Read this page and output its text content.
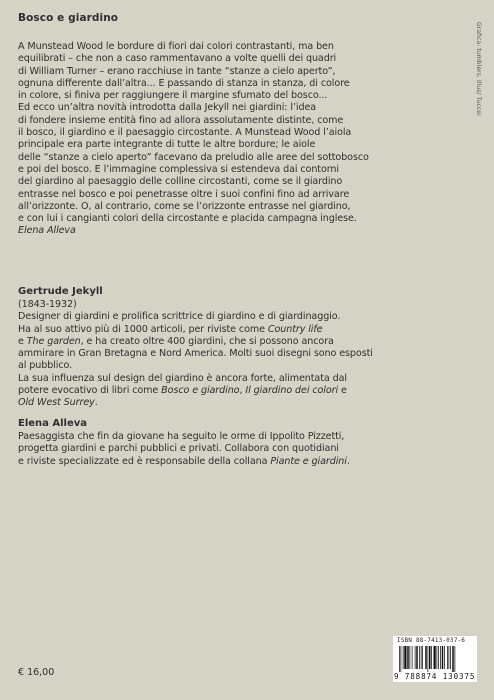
Bosco e giardino
Grafica: tumblers. Illus/ Tuccei
A Munstead Wood le bordure di fiori dai colori contrastanti, ma ben
equilibrati – che non a caso rammentavano a volte quelli dei quadri
di William Turner – erano racchiuse in tante “stanze a cielo aperto”,
ognuna differente dall’altra... E passando di stanza in stanza, di colore
in colore, si finiva per raggiungere il margine sfumato del bosco...
Ed ecco un’altra novità introdotta dalla Jekyll nei giardini: l’idea
di fondere insieme entità fino ad allora assolutamente distinte, come
il bosco, il giardino e il paesaggio circostante. A Munstead Wood l’aiola
principale era parte integrante di tutte le altre bordure; le aiole
delle “stanze a cielo aperto” facevano da preludio alle aree del sottobosco
e poi del bosco. E l’immagine complessiva si estendeva dai contorni
del giardino al paesaggio delle colline circostanti, come se il giardino
entrasse nel bosco e poi penetrasse oltre i suoi confini fino ad arrivare
all’orizzonte. O, al contrario, come se l’orizzonte entrasse nel giardino,
e con lui i cangianti colori della circostante e placida campagna inglese.
Elena Alleva
Gertrude Jekyll
(1843-1932)
Designer di giardini e prolifica scrittrice di giardino e di giardinaggio.
Ha al suo attivo più di 1000 articoli, per riviste come Country life
e The garden, e ha creato oltre 400 giardini, che si possono ancora
ammirare in Gran Bretagna e Nord America. Molti suoi disegni sono esposti
al pubblico.
La sua influenza sul design del giardino è ancora forte, alimentata dal
potere evocativo di libri come Bosco e giardino, Il giardino dei colori e
Old West Surrey.
Elena Alleva
Paesaggista che fin da giovane ha seguito le orme di Ippolito Pizzetti,
progetta giardini e parchi pubblici e privati. Collabora con quotidiani
e riviste specializzate ed è responsabile della collana Piante e giardini.
€ 16,00
ISBN 88-7413-037-6
9 788874 130375
